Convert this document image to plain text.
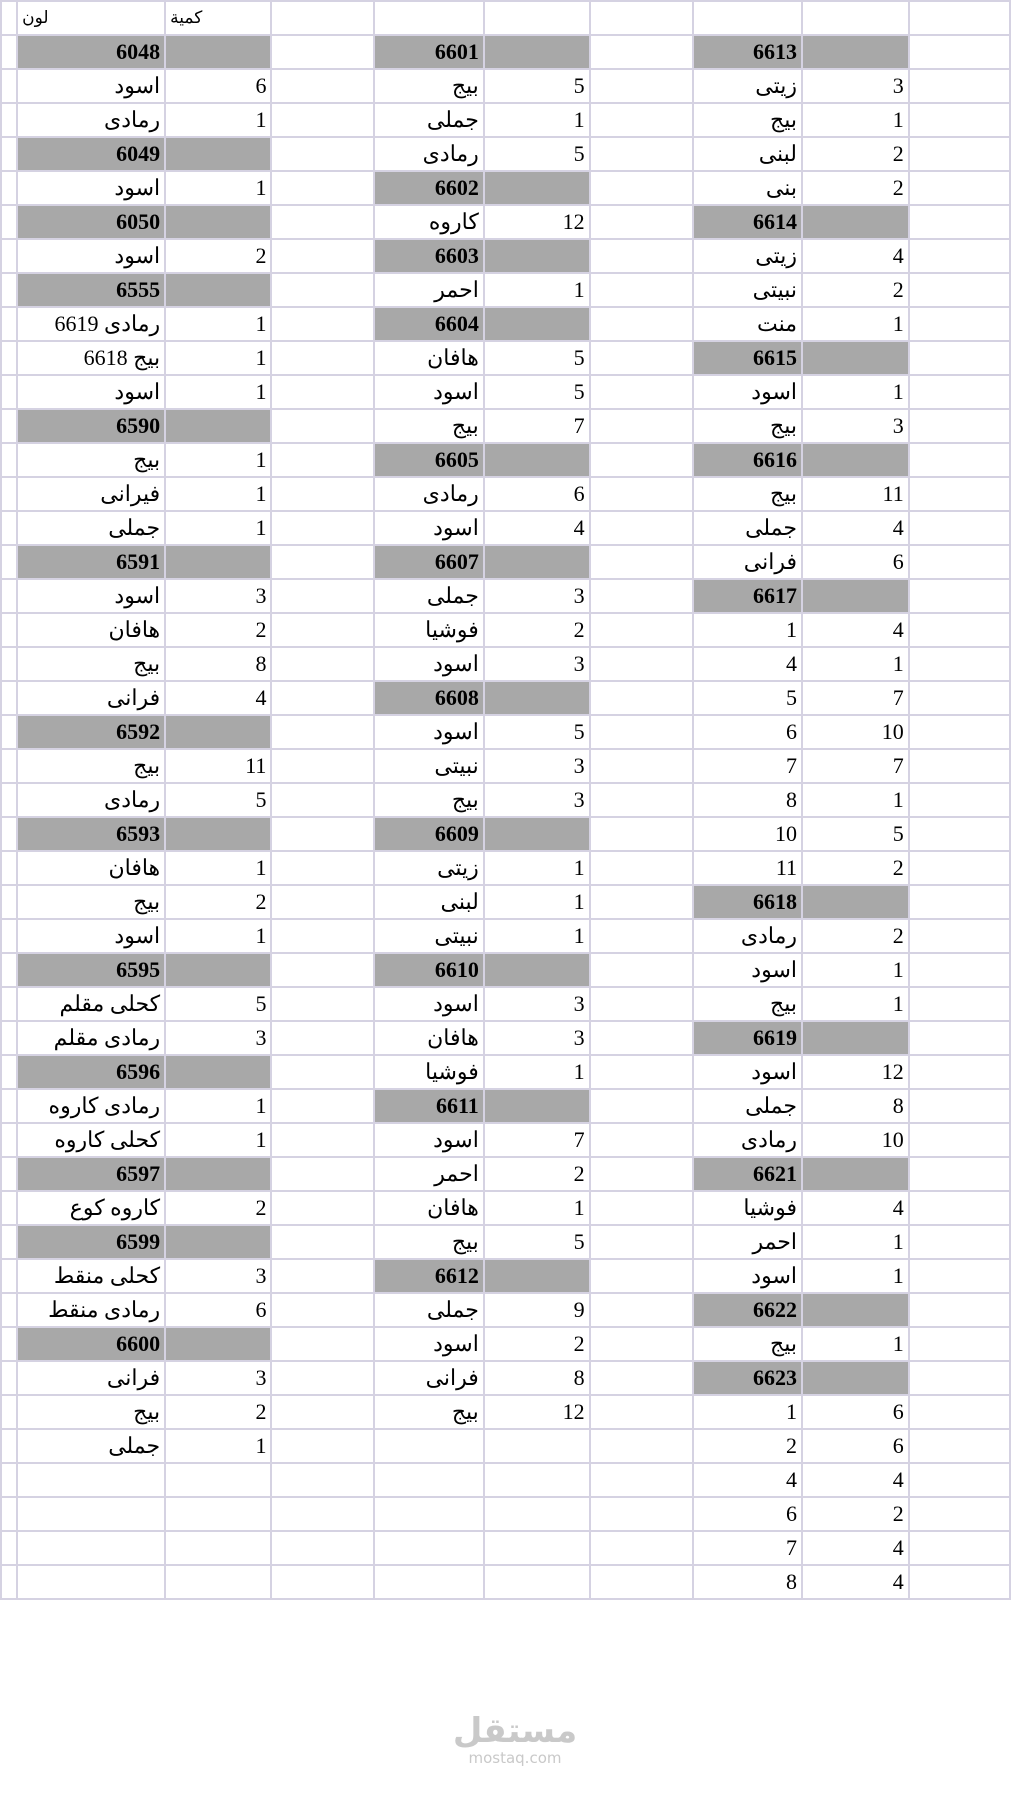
	لون	كمية							
	6048			6601			6613		
	اسود	6		بيج	5		زيتى	3	
	رمادى	1		جملى	1		بيج	1	
	6049			رمادى	5		لبنى	2	
	اسود	1		6602			بنى	2	
	6050			كاروه	12		6614		
	اسود	2		6603			زيتى	4	
	6555			احمر	1		نبيتى	2	
	رمادى 6619	1		6604			منت	1	
	بيج 6618	1		هافان	5		6615		
	اسود	1		اسود	5		اسود	1	
	6590			بيج	7		بيج	3	
	بيج	1		6605			6616		
	فيرانى	1		رمادى	6		بيج	11	
	جملى	1		اسود	4		جملى	4	
	6591			6607			فرانى	6	
	اسود	3		جملى	3		6617		
	هافان	2		فوشيا	2		1	4	
	بيج	8		اسود	3		4	1	
	فرانى	4		6608			5	7	
	6592			اسود	5		6	10	
	بيج	11		نبيتى	3		7	7	
	رمادى	5		بيج	3		8	1	
	6593			6609			10	5	
	هافان	1		زيتى	1		11	2	
	بيج	2		لبنى	1		6618		
	اسود	1		نبيتى	1		رمادى	2	
	6595			6610			اسود	1	
	كحلى مقلم	5		اسود	3		بيج	1	
	رمادى مقلم	3		هافان	3		6619		
	6596			فوشيا	1		اسود	12	
	رمادى كاروه	1		6611			جملى	8	
	كحلى كاروه	1		اسود	7		رمادى	10	
	6597			احمر	2		6621		
	كاروه كوع	2		هافان	1		فوشيا	4	
	6599			بيج	5		احمر	1	
	كحلى منقط	3		6612			اسود	1	
	رمادى منقط	6		جملى	9		6622		
	6600			اسود	2		بيج	1	
	فرانى	3		فرانى	8		6623		
	بيج	2		بيج	12		1	6	
	جملى	1					2	6	
							4	4	
							6	2	
							7	4	
							8	4	
مستقل
mostaq.com
